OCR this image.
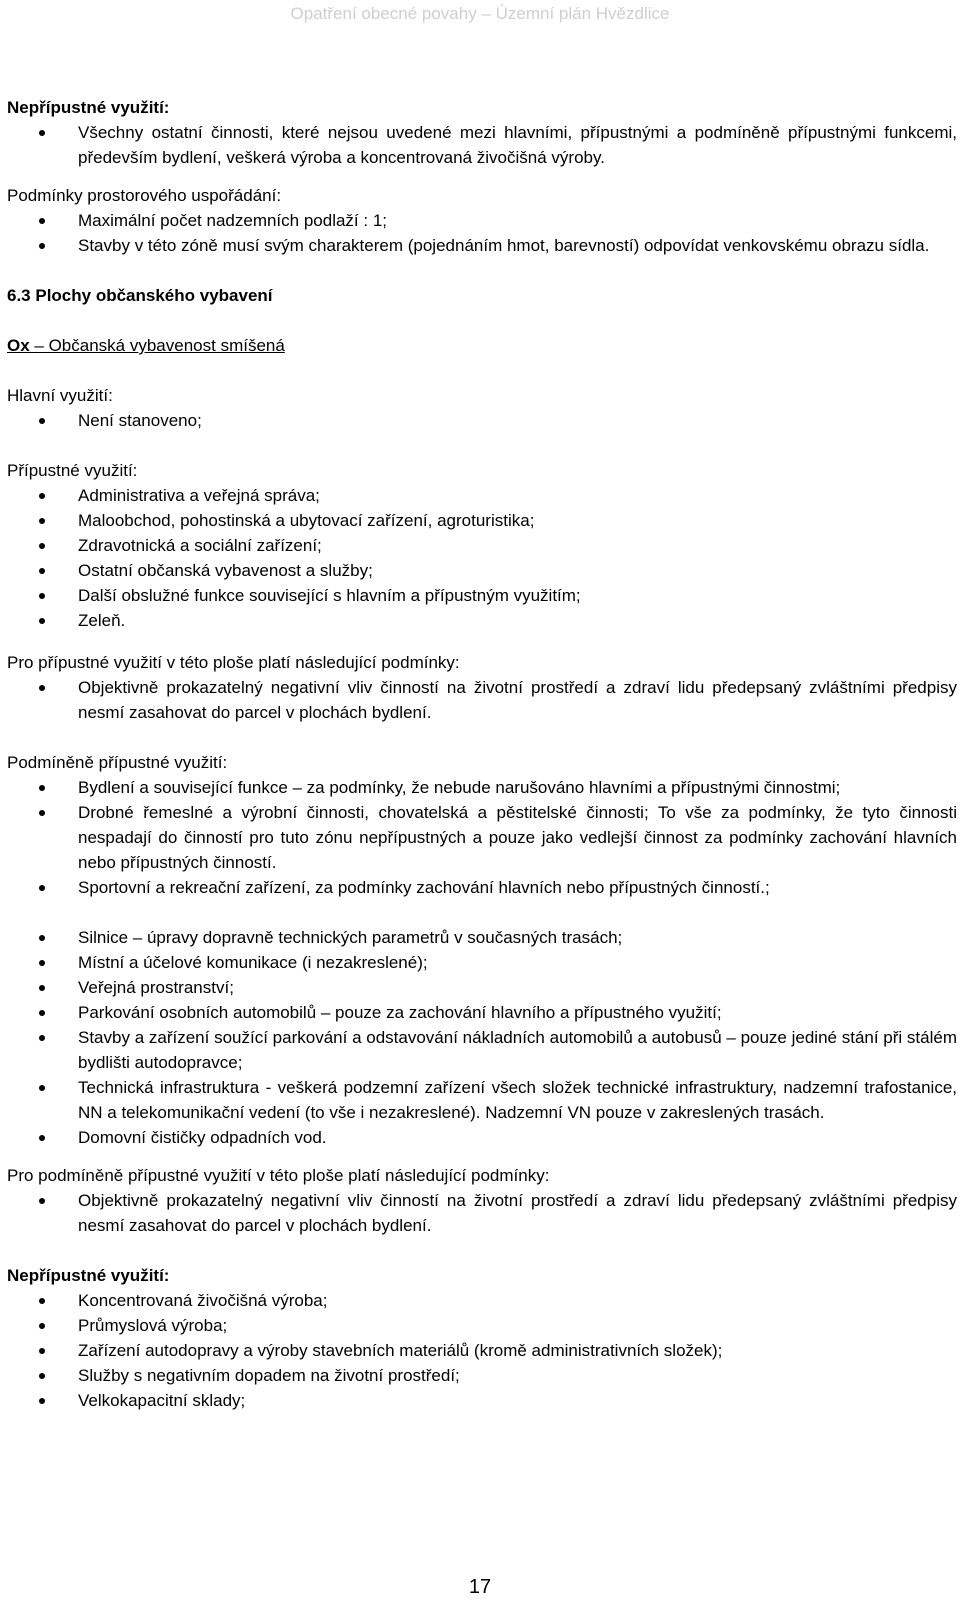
Opatření obecné povahy – Územní plán Hvězdlice

Nepřípustné využití:

Všechny ostatní činnosti, které nejsou uvedené mezi hlavními, přípustnými a podmíněně přípustnými funkcemi, především bydlení, veškerá výroba a koncentrovaná živočišná výroby.

Podmínky prostorového uspořádání:

Maximální počet nadzemních podlaží : 1;
Stavby v této zóně musí svým charakterem (pojednáním hmot, barevností) odpovídat venkovskému obrazu sídla.

6.3 Plochy občanského vybavení

Ox – Občanská vybavenost smíšená

Hlavní využití:

Není stanoveno;

Přípustné využití:

Administrativa a veřejná správa;
Maloobchod, pohostinská a ubytovací zařízení, agroturistika;
Zdravotnická a sociální zařízení;
Ostatní občanská vybavenost a služby;
Další obslužné funkce související s hlavním a přípustným využitím;
Zeleň.

Pro přípustné využití v této ploše platí následující podmínky:

Objektivně prokazatelný negativní vliv činností na životní prostředí a zdraví lidu předepsaný zvláštními předpisy nesmí zasahovat do parcel v plochách bydlení.

Podmíněně přípustné využití:

Bydlení a související funkce – za podmínky, že nebude narušováno hlavními a přípustnými činnostmi;
Drobné řemeslné a výrobní činnosti, chovatelská a pěstitelské činnosti; To vše za podmínky, že tyto činnosti nespadají do činností pro tuto zónu nepřípustných a pouze jako vedlejší činnost za podmínky zachování hlavních nebo přípustných činností.
Sportovní a rekreační zařízení, za podmínky zachování hlavních nebo přípustných činností.;
Silnice – úpravy dopravně technických parametrů v současných trasách;
Místní a účelové komunikace (i nezakreslené);
Veřejná prostranství;
Parkování osobních automobilů – pouze za zachování hlavního a přípustného využití;
Stavby a zařízení soužící parkování a odstavování nákladních automobilů a autobusů – pouze jediné stání při stálém bydlišti autodopravce;
Technická infrastruktura - veškerá podzemní zařízení všech složek technické infrastruktury, nadzemní trafostanice, NN a telekomunikační vedení (to vše i nezakreslené). Nadzemní VN pouze v zakreslených trasách.
Domovní čističky odpadních vod.

Pro podmíněně přípustné využití v této ploše platí následující podmínky:

Objektivně prokazatelný negativní vliv činností na životní prostředí a zdraví lidu předepsaný zvláštními předpisy nesmí zasahovat do parcel v plochách bydlení.

Nepřípustné využití:

Koncentrovaná živočišná výroba;
Průmyslová výroba;
Zařízení autodopravy a výroby stavebních materiálů (kromě administrativních složek);
Služby s negativním dopadem na životní prostředí;
Velkokapacitní sklady;
17
